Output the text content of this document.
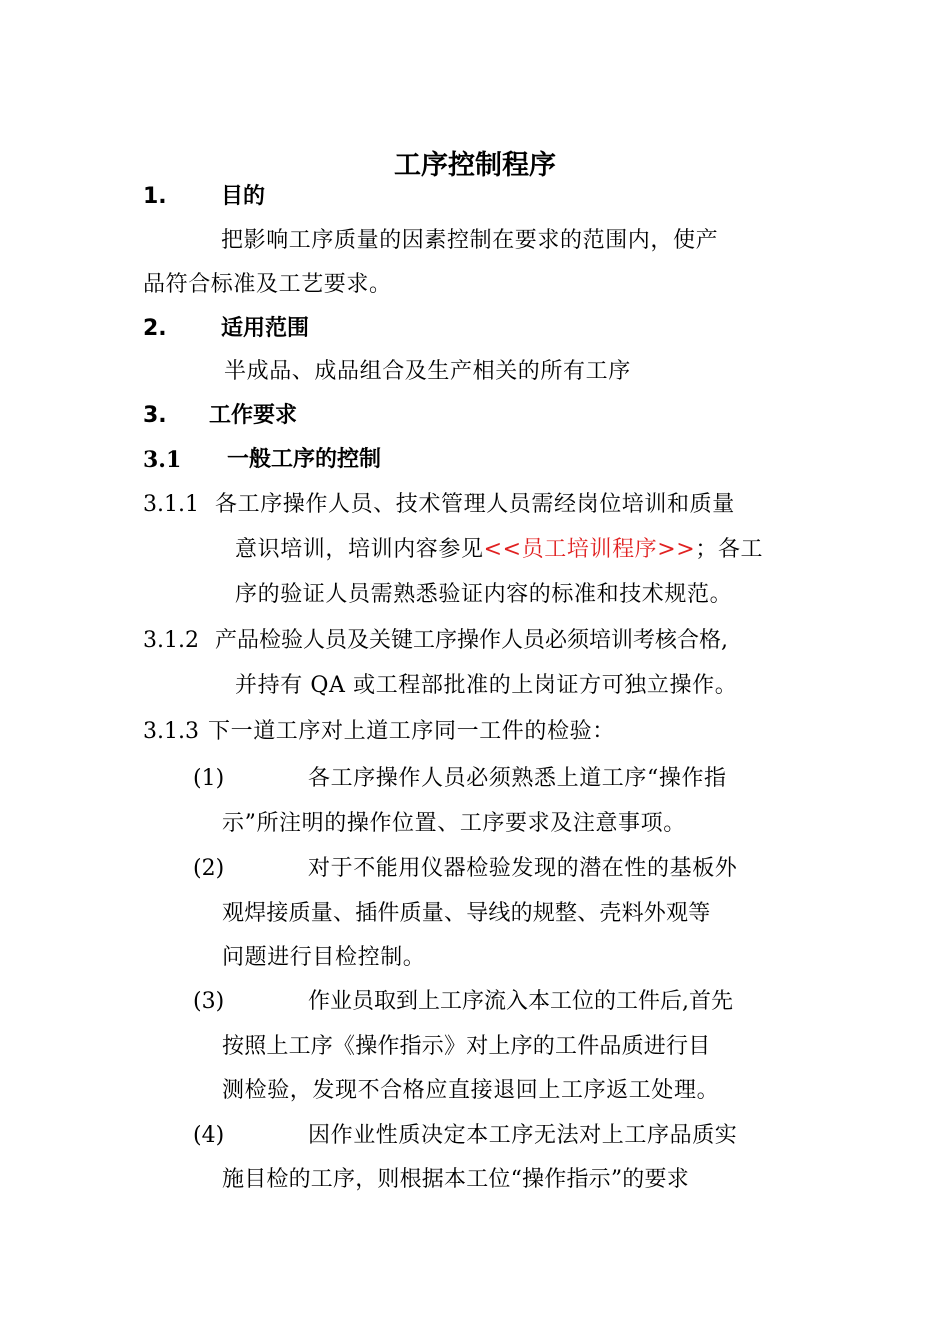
工序控制程序
1. 目的
把影响工序质量的因素控制在要求的范围内，使产
品符合标准及工艺要求。
2. 适用范围
半成品、成品组合及生产相关的所有工序
3. 工作要求
3.1 一般工序的控制
3.1.1 各工序操作人员、技术管理人员需经岗位培训和质量
意识培训，培训内容参见<<员工培训程序>>；各工
序的验证人员需熟悉验证内容的标准和技术规范。
3.1.2 产品检验人员及关键工序操作人员必须培训考核合格,
并持有 QA 或工程部批准的上岗证方可独立操作。
3.1.3 下一道工序对上道工序同一工件的检验：
(1)	各工序操作人员必须熟悉上道工序“操作指
示”所注明的操作位置、工序要求及注意事项。
(2)	对于不能用仪器检验发现的潜在性的基板外
观焊接质量、插件质量、导线的规整、壳料外观等
问题进行目检控制。
(3)	作业员取到上工序流入本工位的工件后,首先
按照上工序《操作指示》对上序的工件品质进行目
测检验，发现不合格应直接退回上工序返工处理。
(4)	因作业性质决定本工序无法对上工序品质实
施目检的工序，则根据本工位“操作指示”的要求
